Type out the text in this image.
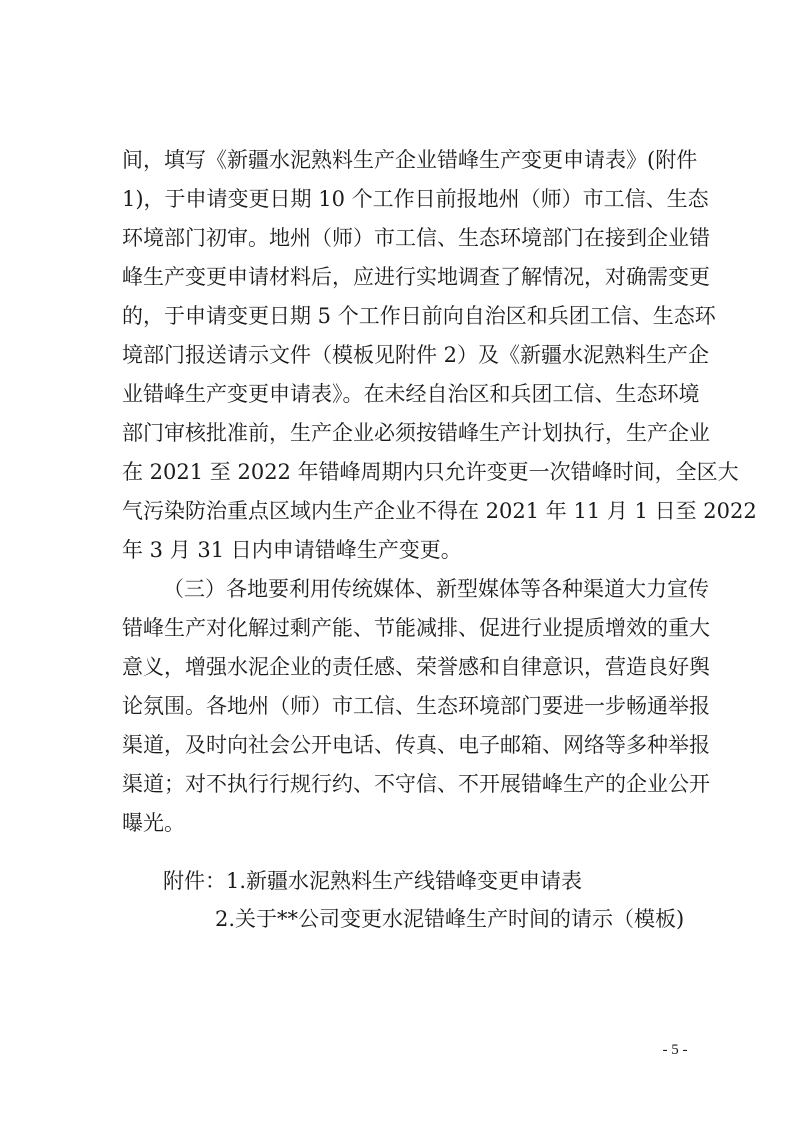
间，填写《新疆水泥熟料生产企业错峰生产变更申请表》(附件
1)，于申请变更日期 10 个工作日前报地州（师）市工信、生态
环境部门初审。地州（师）市工信、生态环境部门在接到企业错
峰生产变更申请材料后，应进行实地调查了解情况，对确需变更
的，于申请变更日期 5 个工作日前向自治区和兵团工信、生态环
境部门报送请示文件（模板见附件 2）及《新疆水泥熟料生产企
业错峰生产变更申请表》。在未经自治区和兵团工信、生态环境
部门审核批准前，生产企业必须按错峰生产计划执行，生产企业
在 2021 至 2022 年错峰周期内只允许变更一次错峰时间，全区大
气污染防治重点区域内生产企业不得在 2021 年 11 月 1 日至 2022
年 3 月 31 日内申请错峰生产变更。
（三）各地要利用传统媒体、新型媒体等各种渠道大力宣传
错峰生产对化解过剩产能、节能减排、促进行业提质增效的重大
意义，增强水泥企业的责任感、荣誉感和自律意识，营造良好舆
论氛围。各地州（师）市工信、生态环境部门要进一步畅通举报
渠道，及时向社会公开电话、传真、电子邮箱、网络等多种举报
渠道；对不执行行规行约、不守信、不开展错峰生产的企业公开
曝光。
附件：1.新疆水泥熟料生产线错峰变更申请表
2.关于**公司变更水泥错峰生产时间的请示（模板)
- 5 -
